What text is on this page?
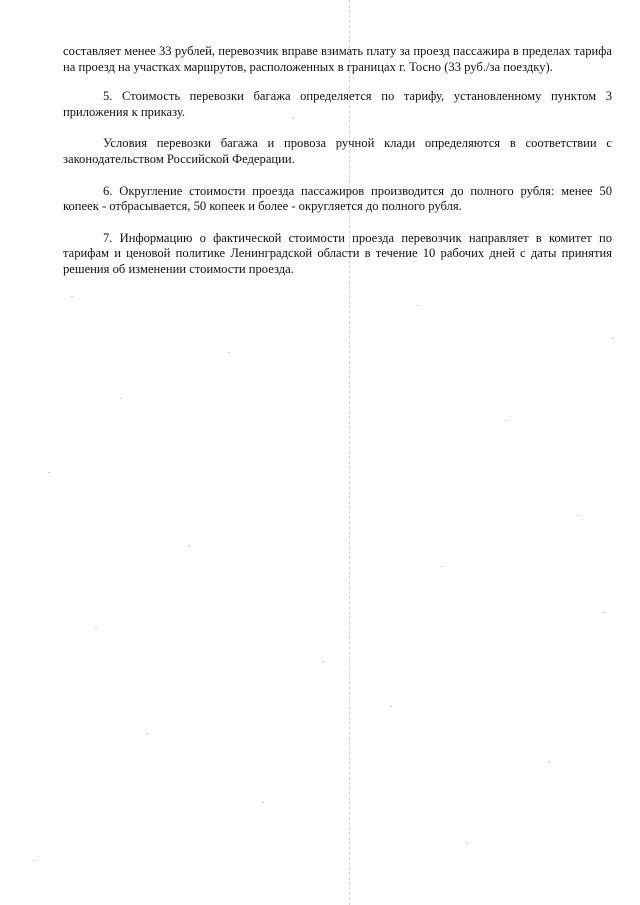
составляет менее 33 рублей, перевозчик вправе взимать плату за проезд пассажира в пределах тарифа на проезд на участках маршрутов, расположенных в границах г. Тосно (33 руб./за поездку).

5. Стоимость перевозки багажа определяется по тарифу, установленному пунктом 3 приложения к приказу.

Условия перевозки багажа и провоза ручной клади определяются в соответствии с законодательством Российской Федерации.

6. Округление стоимости проезда пассажиров производится до полного рубля: менее 50 копеек - отбрасывается, 50 копеек и более - округляется до полного рубля.

7. Информацию о фактической стоимости проезда перевозчик направляет в комитет по тарифам и ценовой политике Ленинградской области в течение 10 рабочих дней с даты принятия решения об изменении стоимости проезда.
